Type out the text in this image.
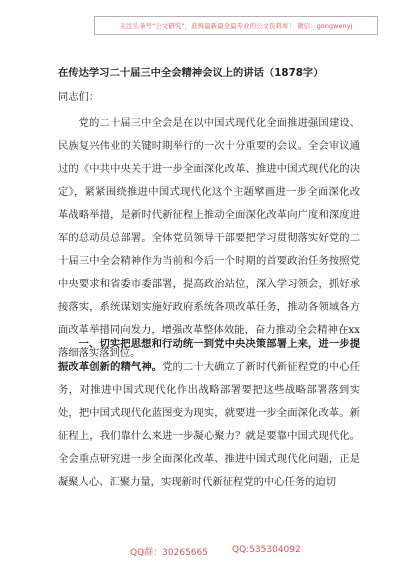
关注头条号“公文研究”，获得最新最全最专业的公文资料库！ 微信：gongwenyj
在传达学习二十届三中全会精神会议上的讲话（1878字）
同志们：

党的二十届三中全会是在以中国式现代化全面推进强国建设、民族复兴伟业的关键时期举行的一次十分重要的会议。全会审议通过的《中共中央关于进一步全面深化改革、推进中国式现代化的决定》，紧紧围绕推进中国式现代化这个主题擘画进一步全面深化改革战略举措，是新时代新征程上推动全面深化改革向广度和深度进军的总动员总部署。全体党员领导干部要把学习贯彻落实好党的二十届三中全会精神作为当前和今后一个时期的首要政治任务按照党中央要求和省委市委部署，提高政治站位，深入学习领会，抓好承接落实，系统谋划实施好政府系统各项改革任务，推动各领域各方面改革举措同向发力，增强改革整体效能，奋力推动全会精神在xx落细落实落到位。

一、切实把思想和行动统一到党中央决策部署上来，进一步提振改革创新的精气神。党的二十大确立了新时代新征程党的中心任务，对推进中国式现代化作出战略部署要把这些战略部署落到实处，把中国式现代化蓝图变为现实，就要进一步全面深化改革。新征程上，我们靠什么来进一步凝心聚力？就是要靠中国式现代化。全会重点研究进一步全面深化改革、推进中国式现代化问题，正是凝聚人心、汇聚力量，实现新时代新征程党的中心任务的迫切

QQ群：30265665	QQ:535304092
